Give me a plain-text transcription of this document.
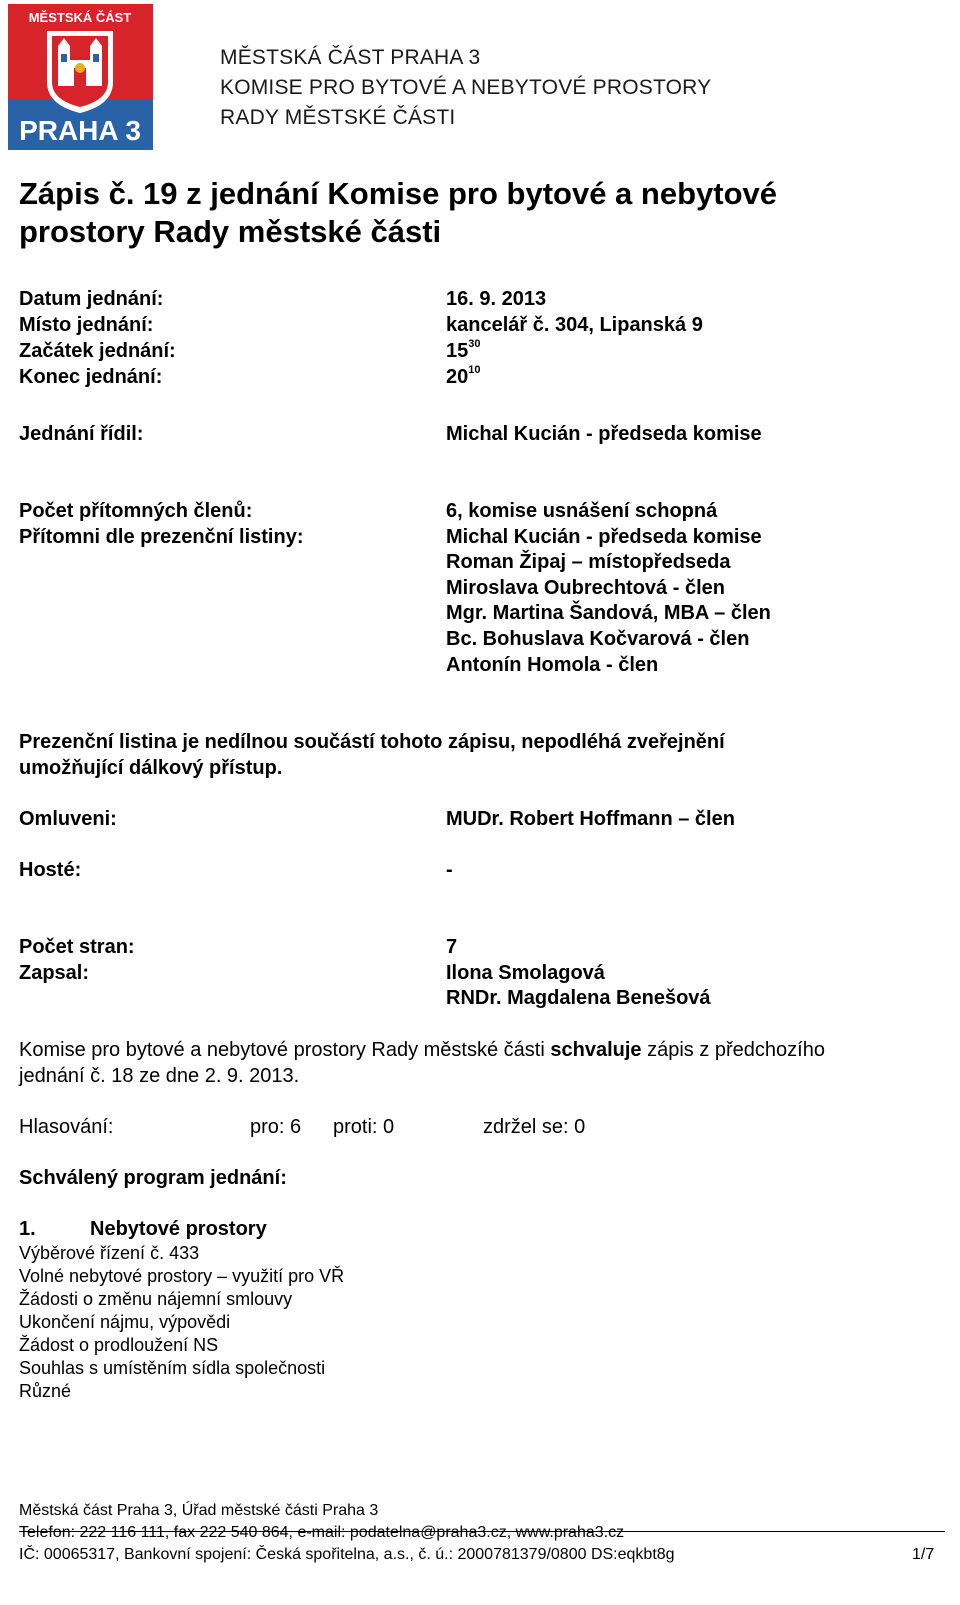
MĚSTSKÁ ČÁST
PRAHA 3
MĚSTSKÁ ČÁST PRAHA 3
KOMISE PRO BYTOVÉ A NEBYTOVÉ PROSTORY
RADY MĚSTSKÉ ČÁSTI
Zápis č. 19 z jednání Komise pro bytové a nebytové
prostory Rady městské části
Datum jednání:	16. 9. 2013
Místo jednání:	kancelář č. 304, Lipanská 9
Začátek jednání:	$15^{30}$
Konec jednání:	$20^{10}$
Jednání řídil:	Michal Kucián - předseda komise
Počet přítomných členů:	6, komise usnášení schopná
Přítomni dle prezenční listiny:	Michal Kucián - předseda komise
Roman Žipaj – místopředseda
Miroslava Oubrechtová - člen
Mgr. Martina Šandová, MBA – člen
Bc. Bohuslava Kočvarová - člen
Antonín Homola - člen
Prezenční listina je nedílnou součástí tohoto zápisu, nepodléhá zveřejnění
umožňující dálkový přístup.
Omluveni:	MUDr. Robert Hoffmann – člen
Hosté:	-
Počet stran:	7
Zapsal:	Ilona Smolagová
RNDr. Magdalena Benešová
Komise pro bytové a nebytové prostory Rady městské části schvaluje zápis z předchozího
jednání č. 18 ze dne 2. 9. 2013.
Hlasování:	pro: 6 proti: 0	zdržel se: 0
Schválený program jednání:
1.	Nebytové prostory
Výběrové řízení č. 433
Volné nebytové prostory – využití pro VŘ
Žádosti o změnu nájemní smlouvy
Ukončení nájmu, výpovědi
Žádost o prodloužení NS
Souhlas s umístěním sídla společnosti
Různé
Městská část Praha 3, Úřad městské části Praha 3
Telefon: 222 116 111, fax 222 540 864, e-mail: podatelna@praha3.cz, www.praha3.cz
IČ: 00065317, Bankovní spojení: Česká spořitelna, a.s., č. ú.: 2000781379/0800 DS:eqkbt8g	1/7
